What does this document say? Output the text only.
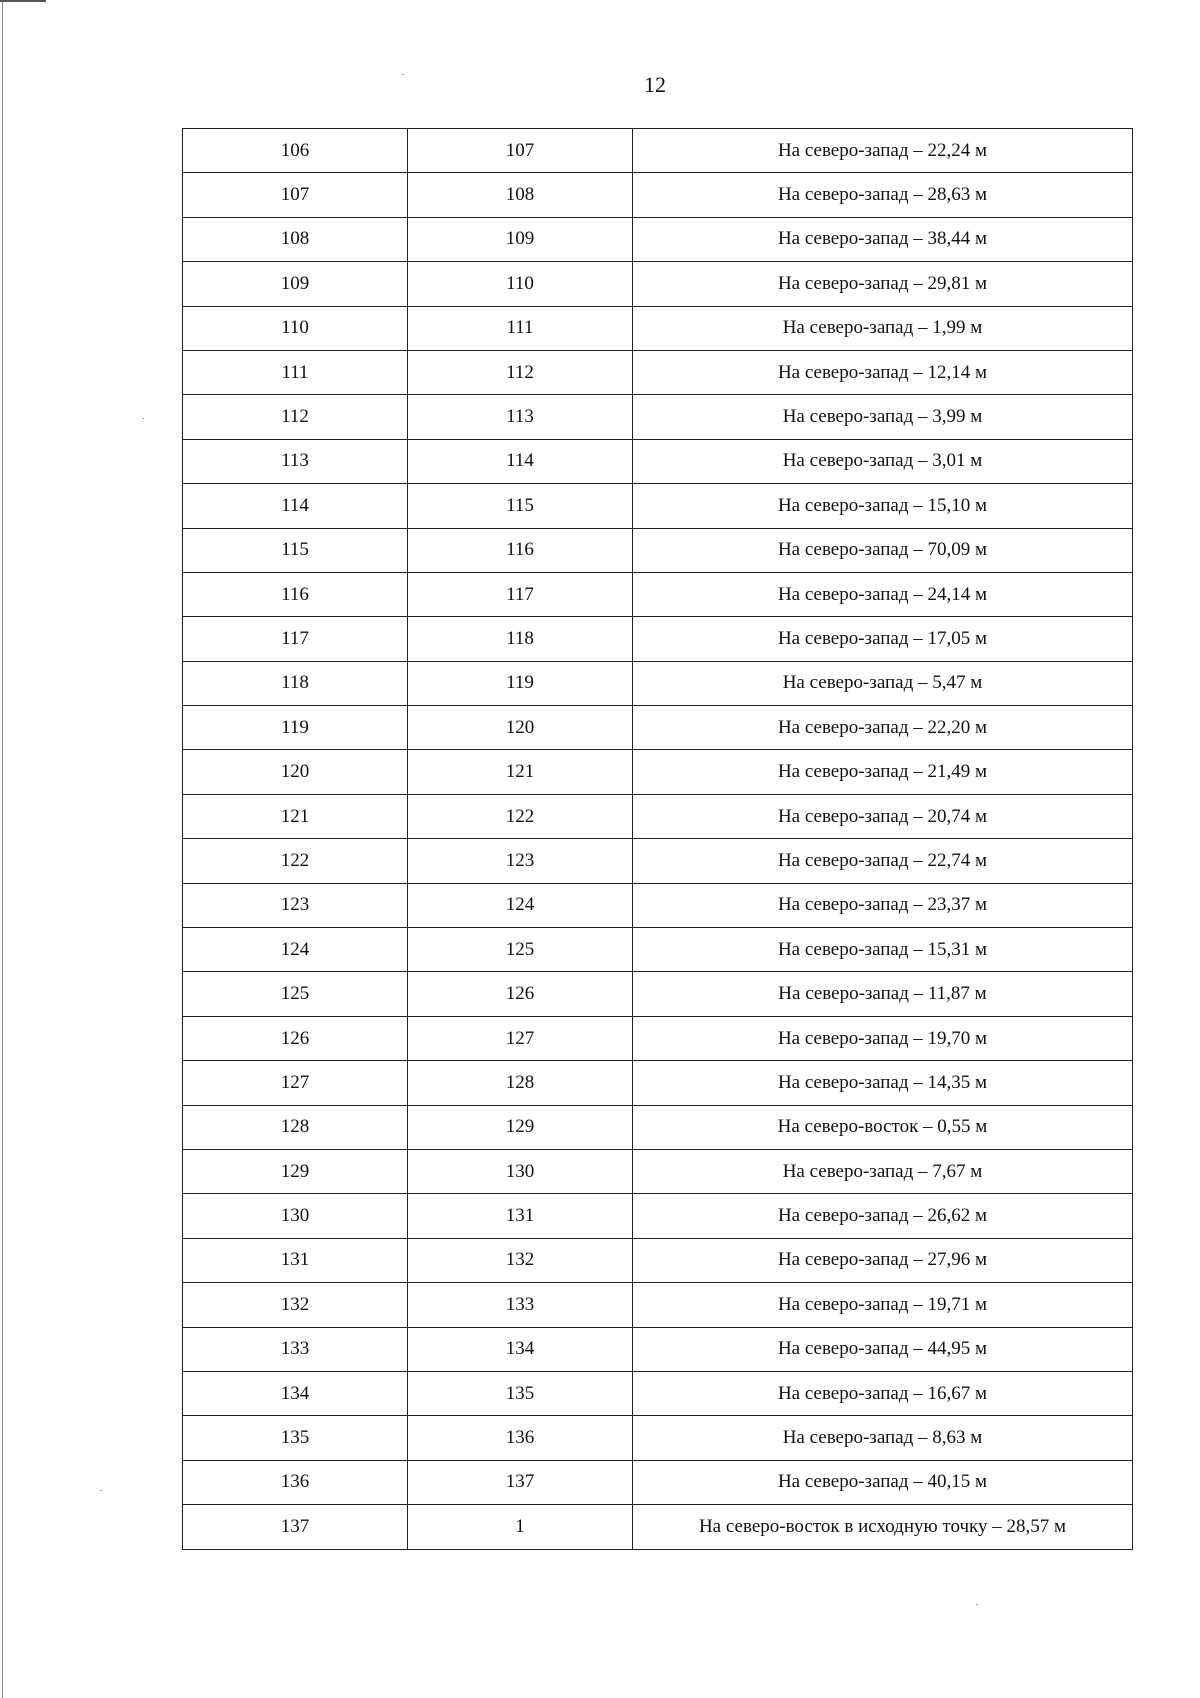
12
106	107	На северо-запад – 22,24 м
107	108	На северо-запад – 28,63 м
108	109	На северо-запад – 38,44 м
109	110	На северо-запад – 29,81 м
110	111	На северо-запад – 1,99 м
111	112	На северо-запад – 12,14 м
112	113	На северо-запад – 3,99 м
113	114	На северо-запад – 3,01 м
114	115	На северо-запад – 15,10 м
115	116	На северо-запад – 70,09 м
116	117	На северо-запад – 24,14 м
117	118	На северо-запад – 17,05 м
118	119	На северо-запад – 5,47 м
119	120	На северо-запад – 22,20 м
120	121	На северо-запад – 21,49 м
121	122	На северо-запад – 20,74 м
122	123	На северо-запад – 22,74 м
123	124	На северо-запад – 23,37 м
124	125	На северо-запад – 15,31 м
125	126	На северо-запад – 11,87 м
126	127	На северо-запад – 19,70 м
127	128	На северо-запад – 14,35 м
128	129	На северо-восток – 0,55 м
129	130	На северо-запад – 7,67 м
130	131	На северо-запад – 26,62 м
131	132	На северо-запад – 27,96 м
132	133	На северо-запад – 19,71 м
133	134	На северо-запад – 44,95 м
134	135	На северо-запад – 16,67 м
135	136	На северо-запад – 8,63 м
136	137	На северо-запад – 40,15 м
137	1	На северо-восток в исходную точку – 28,57 м
